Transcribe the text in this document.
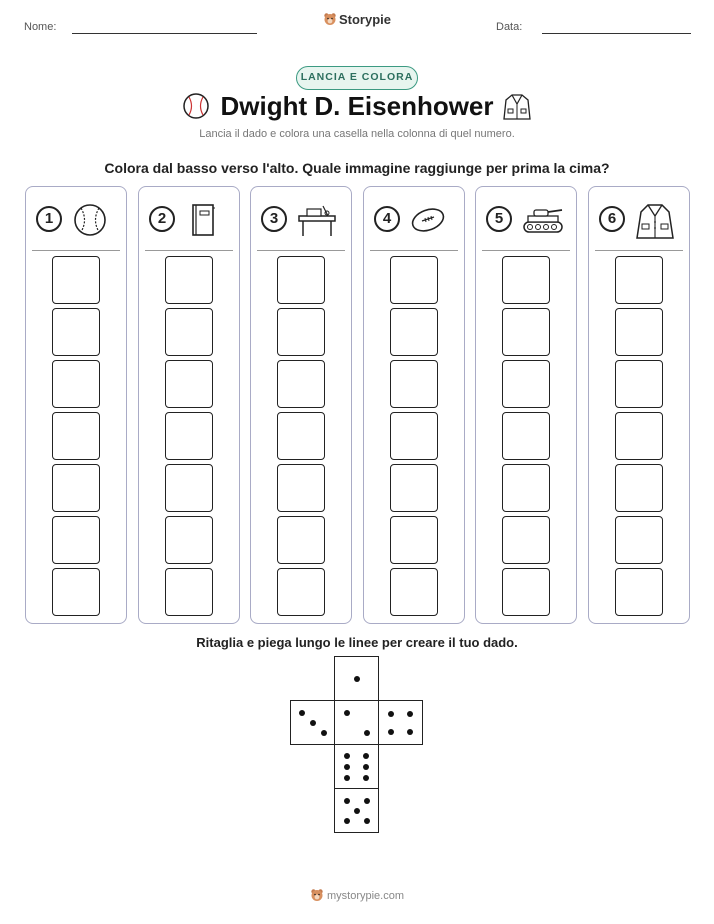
Nome:	Storypie	Data:
LANCIA E COLORA
Dwight D. Eisenhower
Lancia il dado e colora una casella nella colonna di quel numero.
Colora dal basso verso l'alto. Quale immagine raggiunge per prima la cima?
1	2	3	4	5	6
Ritaglia e piega lungo le linee per creare il tuo dado.
mystorypie.com
